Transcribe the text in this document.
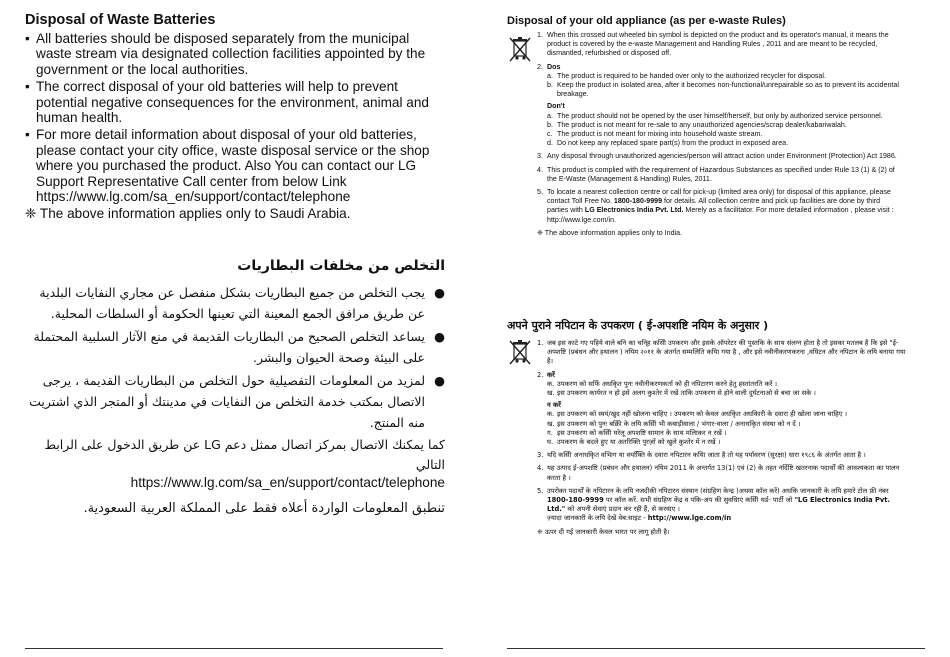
Disposal of Waste Batteries
• All batteries should be disposed separately from the municipal waste stream via designated collection facilities appointed by the government or the local authorities.
• The correct disposal of your old batteries will help to prevent potential negative consequences for the environment, animal and human health.
• For more detail information about disposal of your old batteries, please contact your city office, waste disposal service or the shop where you purchased the product. Also You can contact our LG Support Representative Call center from below Link https://www.lg.com/sa_en/support/contact/telephone
❈ The above information applies only to Saudi Arabia.
التخلص من مخلفات البطاريات
●
يجب التخلص من جميع البطاريات بشكل منفصل عن مجاري النفايات البلدية عن طريق مرافق الجمع المعينة التي تعينها الحكومة أو السلطات المحلية.
●
يساعد التخلص الصحيح من البطاريات القديمة في منع الآثار السلبية المحتملة على البيئة وصحة الحيوان والبشر.
●
لمزيد من المعلومات التفصيلية حول التخلص من البطاريات القديمة ، يرجى الاتصال بمكتب خدمة التخلص من النفايات في مدينتك أو المتجر الذي اشتريت منه المنتج.
كما يمكنك الاتصال بمركز اتصال ممثل دعم LG عن طريق الدخول على الرابط التالي
https://www.lg.com/sa_en/support/contact/telephone
تنطبق المعلومات الواردة أعلاه فقط على المملكة العربية السعودية.
Disposal of your old appliance (as per e-waste Rules)
1. When this crossed out wheeled bin symbol is depicted on the product and its operator's manual, it means the product is covered by the e-waste Management and Handling Rules , 2011 and are meant to be recycled, dismantled, refurbished or disposed off.
2. Dos
a. The product is required to be handed over only to the authorized recycler for disposal.
b. Keep the product in isolated area, after it becomes non-functional/unrepairable so as to prevent its accidental breakage.
Don't
a. The product should not be opened by the user himself/herself, but only by authorized service personnel.
b. The product is not meant for re-sale to any unauthorized agencies/scrap dealer/kabariwalah.
c. The product is not meant for mixing into household waste stream.
d. Do not keep any replaced spare part(s) from the product in exposed area.
3. Any disposal through unauthorized agencies/person will attract action under Environment (Protection) Act 1986.
4. This product is complied with the requirement of Hazardous Substances as specified under Rule 13 (1) & (2) of the E-Waste (Management & Handling) Rules, 2011.
5. To locate a nearest collection centre or call for pick-up (limited area only) for disposal of this appliance, please contact Toll Free No. 1800-180-9999 for details. All collection centre and pick up facilities are done by third parties with LG Electronics India Pvt. Ltd. Merely as a facilitator. For more detailed information , please visit : http://www.lge.com/in.
❈ The above information applies only to India.
अपने पुराने नपिटान के उपकरण ( ई-अपशष्टि नयिम के अनुसार )
1. जब इस काटे गए पहिये वाले बनि का चनि्ह कसिी उपकरण और इसके ऑपरेटर की पुस्तकि के साथ संलग्न होता है तो इसका मतलब है कि इसे "ई- अपशष्टि (प्रबंधन और हथालन ) नयिम २०११ के अंतर्गत सम्मलिति कयिा गया है , और इसे नवीनीकरणकरना ,वघिटन और नपिटान के लयि बनाया गया है।
2. करें
क. उपकरण को सर्फि अधकिृत पुनः नवीनीकरणकर्ता को ही नपिटारण करने हेतु हस्तांतरति करें ।
ख. इस उपकरण कार्यरत न हो इसे अलग कुश्तेर में रखें ताकि उपकरण से होने वाली दुर्घटनाओ से बचा जा सके ।
न करें
क. इस उपकरण को स्वयं/खुद नहीं खोलना चाहिए । उपकरण को केवल अधकिृत अधकिारी के दवारा ही खोला जाना चाहिए ।
ख. इस उपकरण को पुनः बक्रिी के लयि कसिी भी कबाड़ीवाला / भंगार-वाला / अनाधकिृत संस्था को न दें ।
ग. इस उपकरण को कसिी घरेलू अपशष्टि सामान के साथ मलिाकर न रखें ।
घ. उपकरण के बदले हुए या अतरिक्ति पुरज़ों को खुले कुश्तेर में न रखें ।
3. यदि कसिी अनाधकिृत वभिाग या वयक्तिि के दवारा नपिटारन कयिा जाता है तो यह पर्यावरण (सुरक्षा) धारा १९८६ के अंतर्गत आता है ।
4. यह उत्पाद ई-अपशष्टि (प्रबंधन और हथालन) नयिम 2011 के अन्तर्गत 13(1) एवं (2) के तहत नर्दिष्टि खतरनाक पदार्थों की आवश्यकता का पालन करता है ।
5. उपरोक्त पदार्थों के नपिटारन के लयि नजदीकी नपिटारन संस्थान (संग्रहिण केन्द्र )अथवा कॉल करें) अधकि जानकारी के लयि हमारे टोल फ्री नंबर 1800-180-9999 पर कॉल करें. सभी संग्रहिण केंद्र व पकि-अप की सुवधिाएं कसिी थर्ड- पार्टी जो "LG Electronics India Pvt. Ltd." को अपनी सेवाएं प्रदान कर रही हैं, से करवाए ।
ज़्यादा जानकारी के लयि देखें वेब:साइट - http://www.lge.com/in
❈ ऊपर दी गई जानकारी केवल भारत पर लागू होती है।
